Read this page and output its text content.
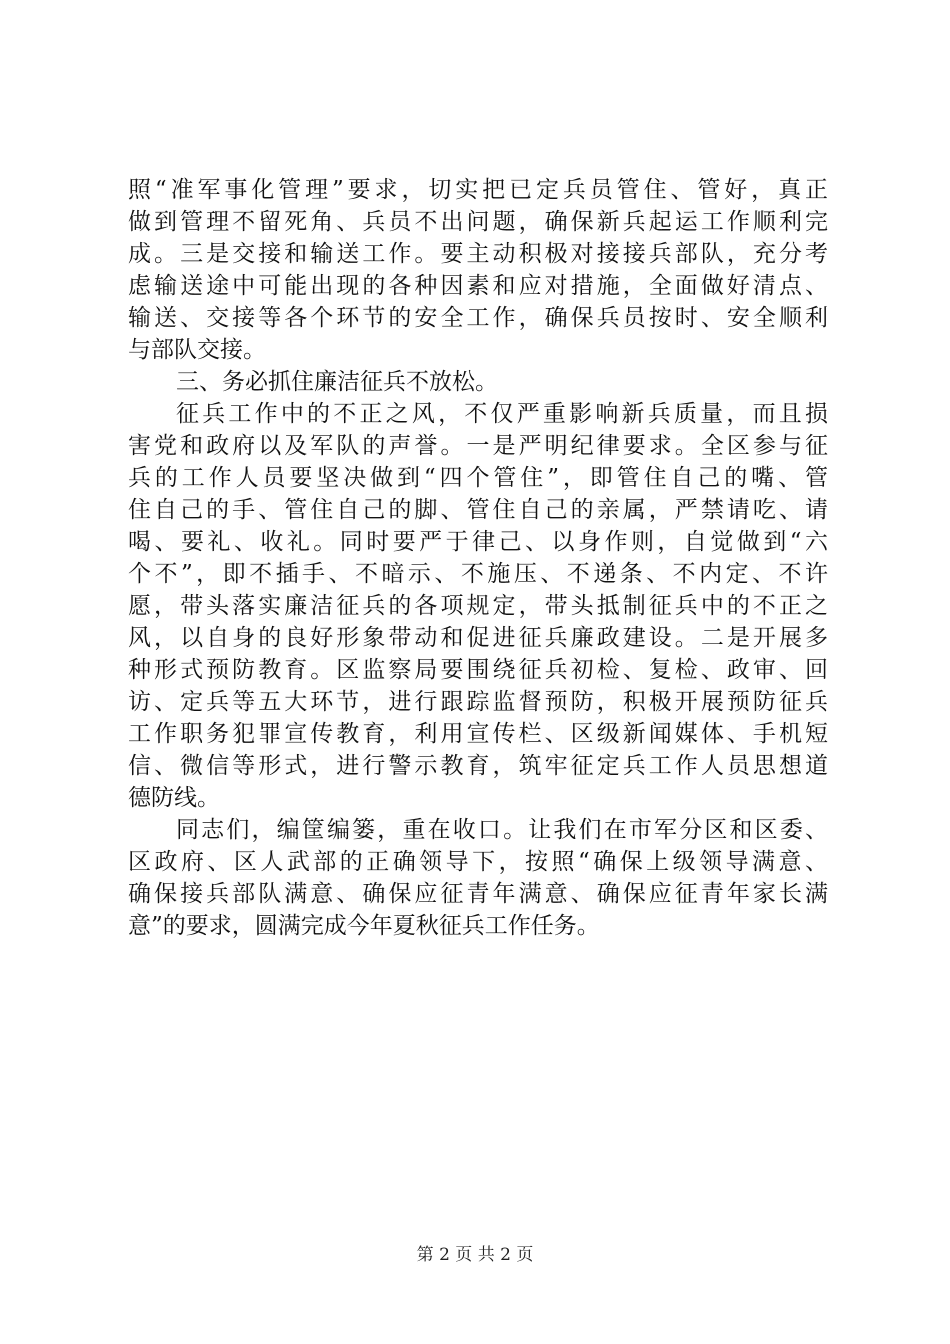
照“准军事化管理”要求，切实把已定兵员管住、管好，真正
做到管理不留死角、兵员不出问题，确保新兵起运工作顺利完
成。三是交接和输送工作。要主动积极对接接兵部队，充分考
虑输送途中可能出现的各种因素和应对措施，全面做好清点、
输送、交接等各个环节的安全工作，确保兵员按时、安全顺利
与部队交接。
三、务必抓住廉洁征兵不放松。
征兵工作中的不正之风，不仅严重影响新兵质量，而且损
害党和政府以及军队的声誉。一是严明纪律要求。全区参与征
兵的工作人员要坚决做到“四个管住”，即管住自己的嘴、管
住自己的手、管住自己的脚、管住自己的亲属，严禁请吃、请
喝、要礼、收礼。同时要严于律己、以身作则，自觉做到“六
个不”，即不插手、不暗示、不施压、不递条、不内定、不许
愿，带头落实廉洁征兵的各项规定，带头抵制征兵中的不正之
风，以自身的良好形象带动和促进征兵廉政建设。二是开展多
种形式预防教育。区监察局要围绕征兵初检、复检、政审、回
访、定兵等五大环节，进行跟踪监督预防，积极开展预防征兵
工作职务犯罪宣传教育，利用宣传栏、区级新闻媒体、手机短
信、微信等形式，进行警示教育，筑牢征定兵工作人员思想道
德防线。
同志们，编筐编篓，重在收口。让我们在市军分区和区委、
区政府、区人武部的正确领导下，按照“确保上级领导满意、
确保接兵部队满意、确保应征青年满意、确保应征青年家长满
意”的要求，圆满完成今年夏秋征兵工作任务。
第 2 页 共 2 页
